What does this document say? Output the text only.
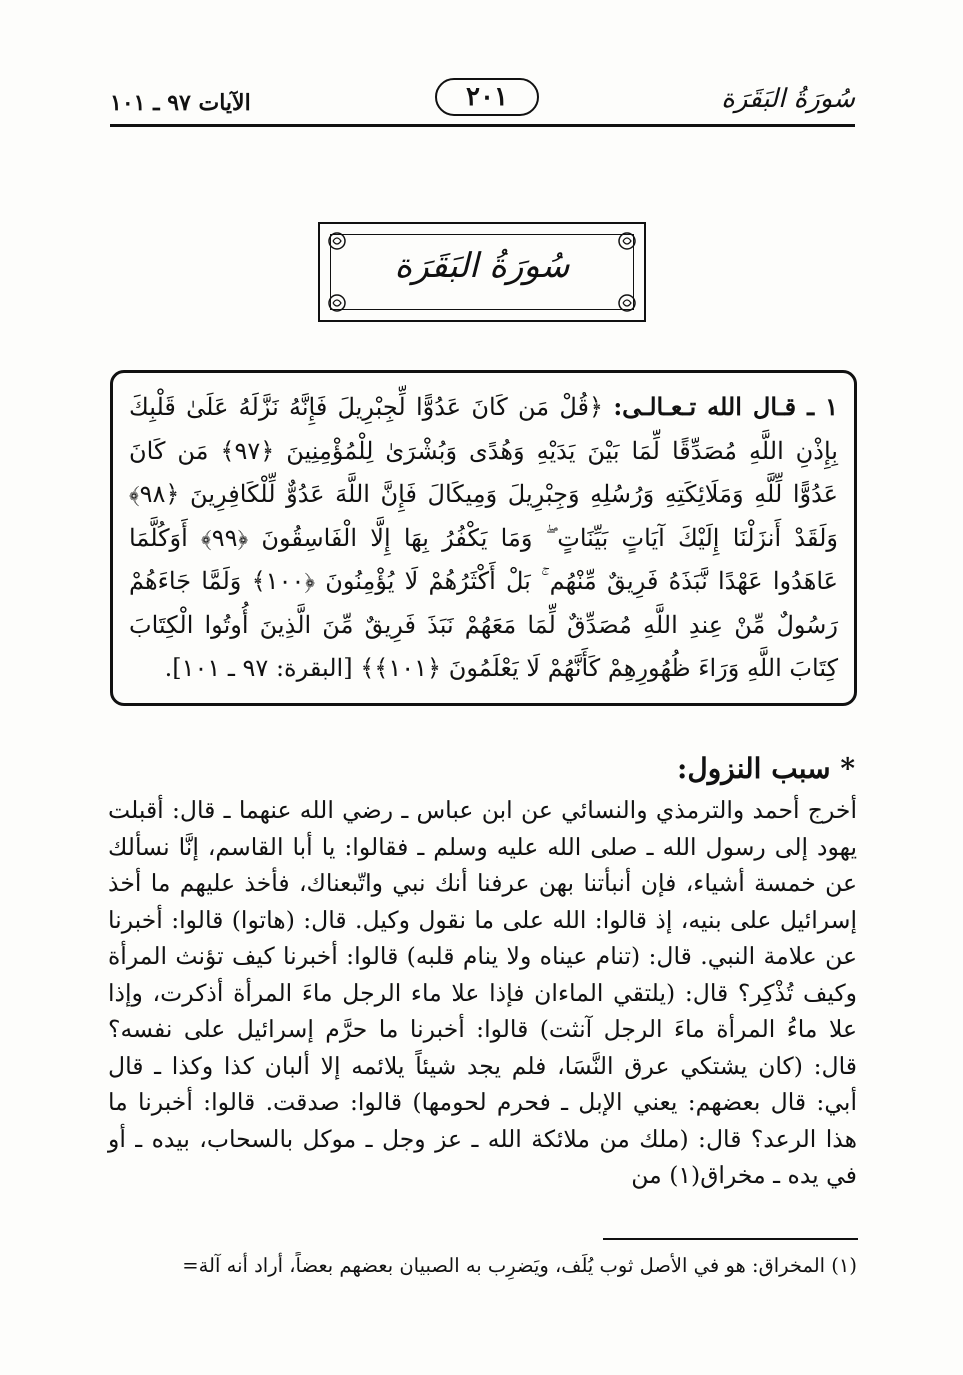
الآيات ٩٧ ـ ١٠١	٢٠١	سُورَةُ البَقَرَة
سُورَةُ البَقَرَة

١ ـ قـال الله تـعـالـى: ﴿قُلْ مَن كَانَ عَدُوًّا لِّجِبْرِيلَ فَإِنَّهُ نَزَّلَهُ عَلَىٰ قَلْبِكَ بِإِذْنِ اللَّهِ مُصَدِّقًا لِّمَا بَيْنَ يَدَيْهِ وَهُدًى وَبُشْرَىٰ لِلْمُؤْمِنِينَ ﴿٩٧﴾ مَن كَانَ عَدُوًّا لِّلَّهِ وَمَلَائِكَتِهِ وَرُسُلِهِ وَجِبْرِيلَ وَمِيكَالَ فَإِنَّ اللَّهَ عَدُوٌّ لِّلْكَافِرِينَ ﴿٩٨﴾ وَلَقَدْ أَنزَلْنَا إِلَيْكَ آيَاتٍ بَيِّنَاتٍ ۖ وَمَا يَكْفُرُ بِهَا إِلَّا الْفَاسِقُونَ ﴿٩٩﴾ أَوَكُلَّمَا عَاهَدُوا عَهْدًا نَّبَذَهُ فَرِيقٌ مِّنْهُم ۚ بَلْ أَكْثَرُهُمْ لَا يُؤْمِنُونَ ﴿١٠٠﴾ وَلَمَّا جَاءَهُمْ رَسُولٌ مِّنْ عِندِ اللَّهِ مُصَدِّقٌ لِّمَا مَعَهُمْ نَبَذَ فَرِيقٌ مِّنَ الَّذِينَ أُوتُوا الْكِتَابَ كِتَابَ اللَّهِ وَرَاءَ ظُهُورِهِمْ كَأَنَّهُمْ لَا يَعْلَمُونَ ﴿١٠١﴾﴾ [البقرة: ٩٧ ـ ١٠١].

* سبب النزول:

أخرج أحمد والترمذي والنسائي عن ابن عباس ـ رضي الله عنهما ـ قال: أقبلت يهود إلى رسول الله ـ صلى الله عليه وسلم ـ فقالوا: يا أبا القاسم، إنَّا نسألك عن خمسة أشياء، فإن أنبأتنا بهن عرفنا أنك نبي واتّبعناك، فأخذ عليهم ما أخذ إسرائيل على بنيه، إذ قالوا: الله على ما نقول وكيل. قال: (هاتوا) قالوا: أخبرنا عن علامة النبي. قال: (تنام عيناه ولا ينام قلبه) قالوا: أخبرنا كيف تؤنث المرأة وكيف تُذْكِر؟ قال: (يلتقي الماءان فإذا علا ماء الرجل ماءَ المرأة أذكرت، وإذا علا ماءُ المرأة ماءَ الرجل آنثت) قالوا: أخبرنا ما حرَّم إسرائيل على نفسه؟ قال: (كان يشتكي عرق النَّسَا، فلم يجد شيئاً يلائمه إلا ألبان كذا وكذا ـ قال أبي: قال بعضهم: يعني الإبل ـ فحرم لحومها) قالوا: صدقت. قالوا: أخبرنا ما هذا الرعد؟ قال: (ملك من ملائكة الله ـ عز وجل ـ موكل بالسحاب، بيده ـ أو في يده ـ مخراق(١) من

(١) المخراق: هو في الأصل ثوب يُلَف، ويَضرِب به الصبيان بعضهم بعضاً، أراد أنه آلة=
